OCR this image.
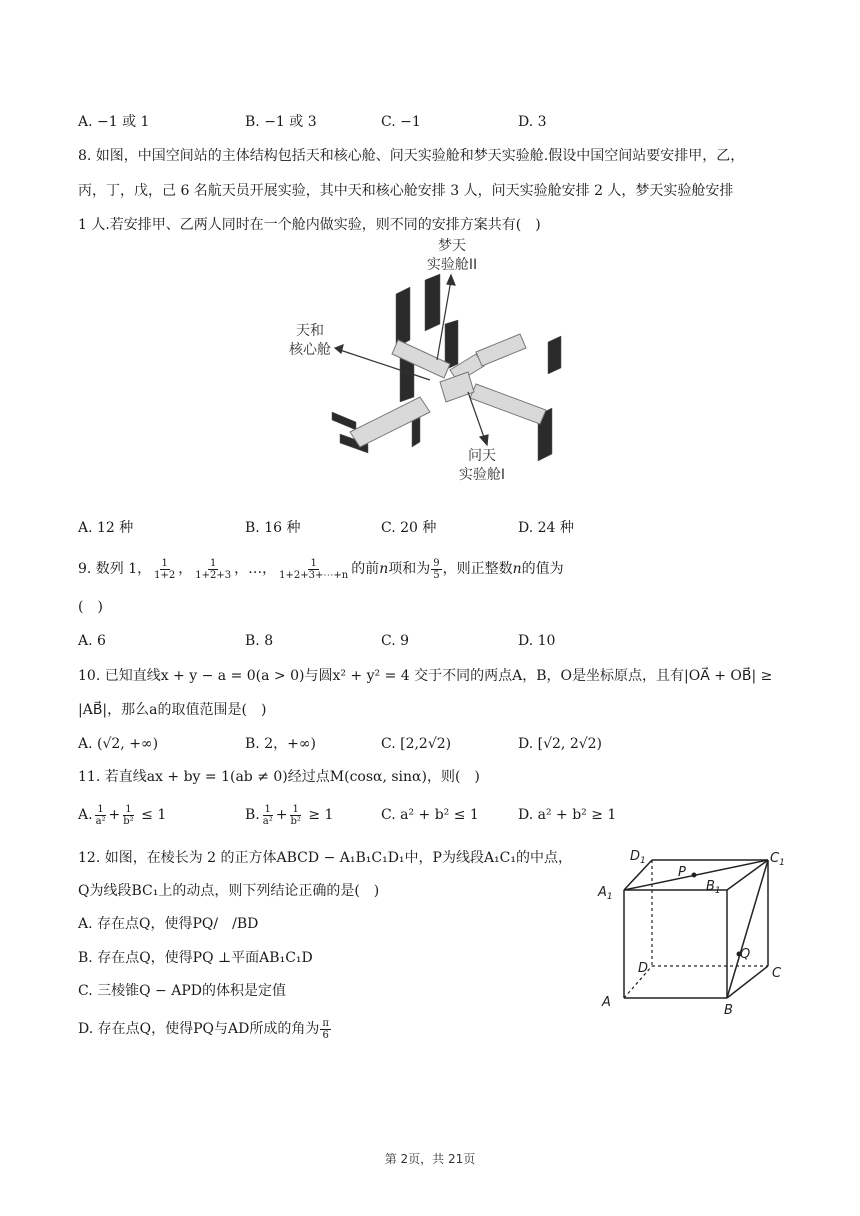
A. −1 或 1	B. −1 或 3	C. −1	D. 3
8. 如图，中国空间站的主体结构包括天和核心舱、问天实验舱和梦天实验舱.假设中国空间站要安排甲，乙，
丙，丁，戊，己 6 名航天员开展实验，其中天和核心舱安排 3 人，问天实验舱安排 2 人，梦天实验舱安排
1 人.若安排甲、乙两人同时在一个舱内做实验，则不同的安排方案共有(　)
梦天
实验舱II
天和
核心舱
问天
实验舱I
A. 12 种	B. 16 种	C. 20 种	D. 24 种
9. 数列 1， $\frac{1}{1+2}$ ， $\frac{1}{1+2+3}$ ，…， $\frac{1}{1+2+3+\cdots+n}$ 的前n项和为 $\frac{9}{5}$ ，则正整数n的值为
(　)
A. 6	B. 8	C. 9	D. 10
10. 已知直线x + y − a = 0(a > 0)与圆x² + y² = 4 交于不同的两点A，B，O是坐标原点，且有|OA⃗ + OB⃗| ≥
|AB⃗|，那么a的取值范围是(　)
A. (√2, +∞)	B. 2，+∞)	C. [2,2√2)	D. [√2, 2√2)
11. 若直线ax + by = 1(ab ≠ 0)经过点M(cosα, sinα)，则(　)
A. $\frac{1}{\text{a²}} + \frac{1}{\text{b²}} \le 1$	B. $\frac{1}{\text{a²}} + \frac{1}{\text{b²}} \ge 1$	C. a² + b² ≤ 1	D. a² + b² ≥ 1
12. 如图，在棱长为 2 的正方体ABCD − A₁B₁C₁D₁中，P为线段A₁C₁的中点，
Q为线段BC₁上的动点，则下列结论正确的是(　)
A. 存在点Q，使得PQ/　/BD
B. 存在点Q，使得PQ ⊥平面AB₁C₁D
C. 三棱锥Q − APD的体积是定值
D. 存在点Q，使得PQ与AD所成的角为 $\frac{\pi}{6}$
$D_1$	$C_1$
$A_1$
$B_1$
P
Q
D	C
A
B
第 2页，共 21页
